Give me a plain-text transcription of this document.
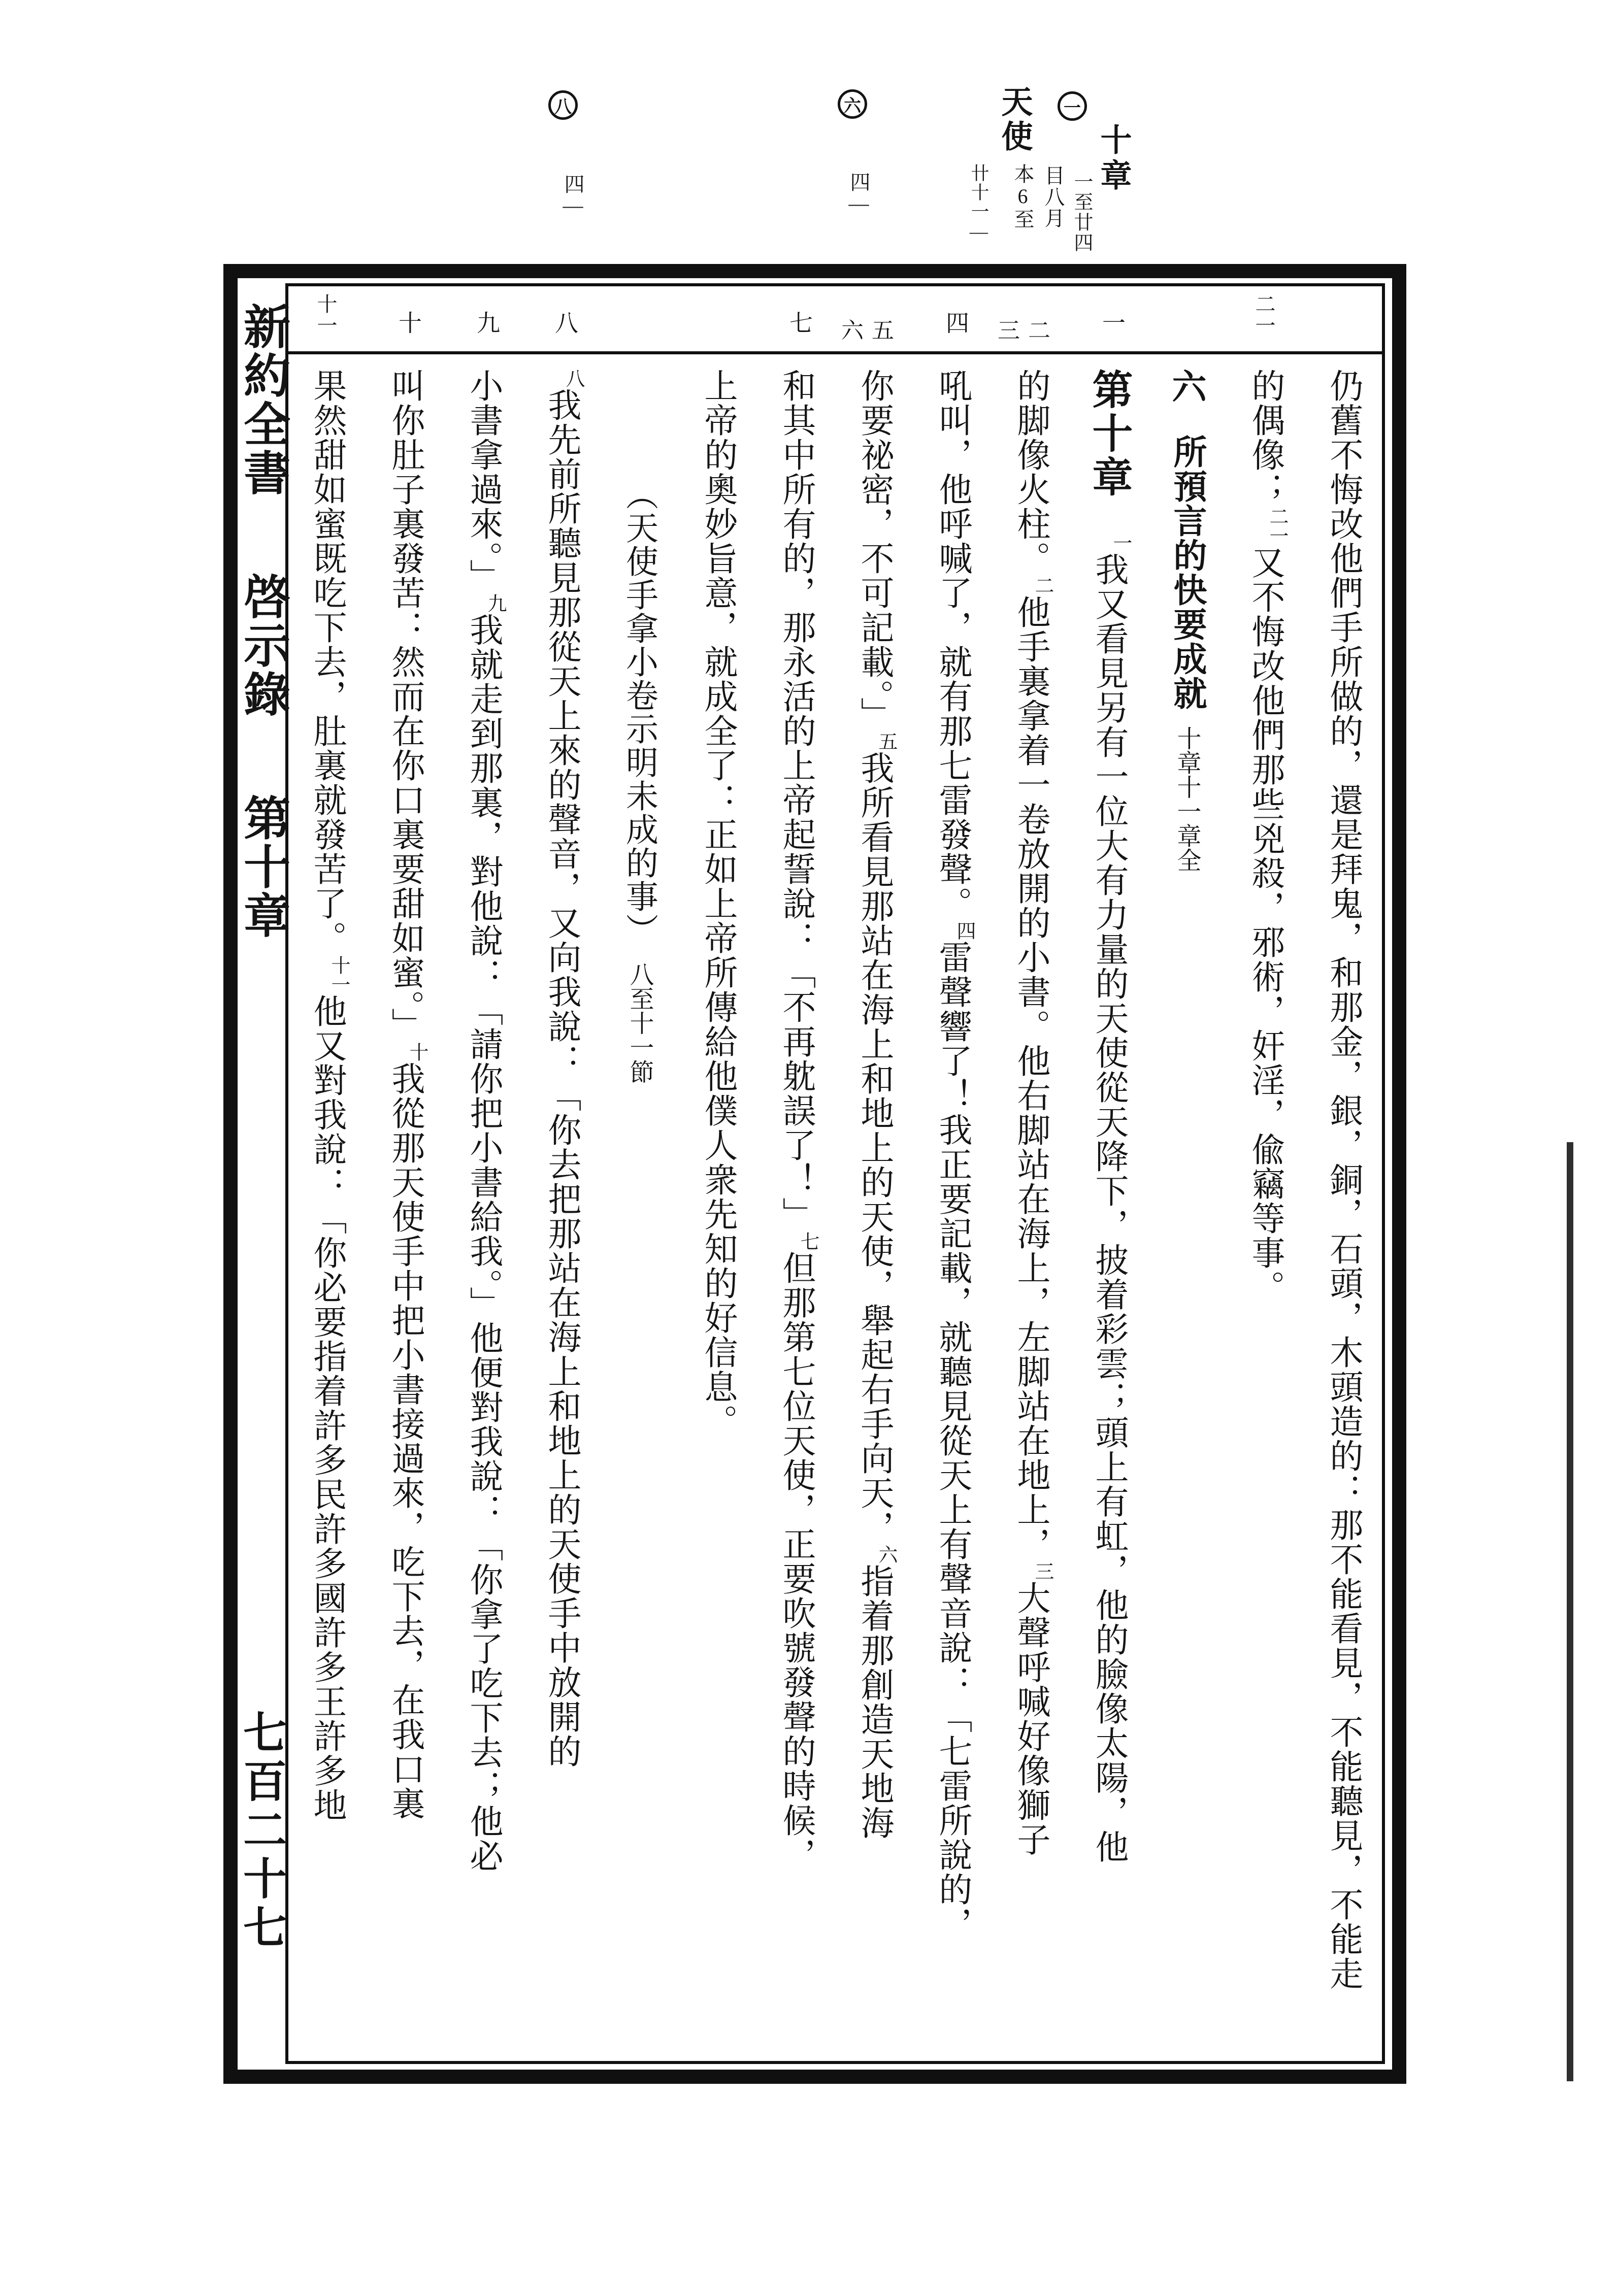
十章
一至廿四
一
目八月
本6至
天使
卄十一—
六
四—
八
四—
新約全書啓示錄第十章
七百二十七	仍舊不悔改他們手所做的，還是拜鬼，和那金，銀，銅，石頭，木頭造的：那不能看見，不能聽見，不能走
的偶像；二一又不悔改他們那些兇殺，邪術，奸淫，偸竊等事。
二一
六所預言的快要成就十章十一章全
第十章一我又看見另有一位大有力量的天使從天降下，披着彩雲；頭上有虹，他的臉像太陽，他
一
的脚像火柱。二他手裏拿着一卷放開的小書。他右脚站在海上，左脚站在地上，三大聲呼喊好像獅子
三二
吼叫，他呼喊了，就有那七雷發聲。四雷聲響了！我正要記載，就聽見從天上有聲音說：「七雷所說的，
四
你要祕密，不可記載。」五我所看見那站在海上和地上的天使，舉起右手向天，六指着那創造天地海
六五
和其中所有的，那永活的上帝起誓說：「不再躭誤了！」七但那第七位天使，正要吹號發聲的時候，
七
上帝的奧妙旨意，就成全了：正如上帝所傳給他僕人衆先知的好信息。
（天使手拿小卷示明未成的事）八至十一節
八我先前所聽見那從天上來的聲音，又向我說：「你去把那站在海上和地上的天使手中放開的
八
小書拿過來。」九我就走到那裏，對他說：「請你把小書給我。」他便對我說：「你拿了吃下去；他必
九
叫你肚子裏發苦：然而在你口裏要甜如蜜。」十我從那天使手中把小書接過來，吃下去，在我口裏
十
果然甜如蜜既吃下去，肚裏就發苦了。十一他又對我說：「你必要指着許多民許多國許多王許多地
十一
